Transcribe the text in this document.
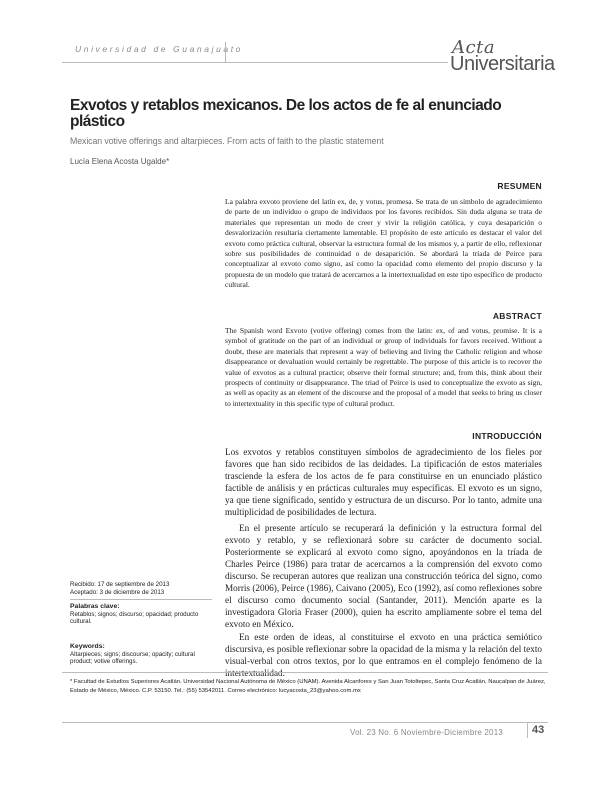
Universidad de Guanajuato	Acta
Universitaria
Exvotos y retablos mexicanos. De los actos de fe al enunciado plástico
Mexican votive offerings and altarpieces. From acts of faith to the plastic statement
Lucía Elena Acosta Ugalde*
RESUMEN
La palabra exvoto proviene del latín ex, de, y votus, promesa. Se trata de un símbolo de agradecimiento de parte de un individuo o grupo de individuos por los favores recibidos. Sin duda alguna se trata de materiales que representan un modo de creer y vivir la religión católica, y cuya desaparición o desvalorización resultaría ciertamente lamentable. El propósito de este artículo es destacar el valor del exvoto como práctica cultural, observar la estructura formal de los mismos y, a partir de ello, reflexionar sobre sus posibilidades de continuidad o de desaparición. Se abordará la tríada de Peirce para conceptualizar al exvoto como signo, así como la opacidad como elemento del propio discurso y la propuesta de un modelo que tratará de acercarnos a la intertextualidad en este tipo específico de producto cultural.
ABSTRACT
The Spanish word Exvoto (votive offering) comes from the latin: ex, of and votus, promise. It is a symbol of gratitude on the part of an individual or group of individuals for favors received. Without a doubt, these are materials that represent a way of believing and living the Catholic religion and whose disappearance or devaluation would certainly be regrettable. The purpose of this article is to recover the value of exvotos as a cultural practice; observe their formal structure; and, from this, think about their prospects of continuity or disappearance. The triad of Peirce is used to conceptualize the exvoto as sign, as well as opacity as an element of the discourse and the proposal of a model that seeks to bring us closer to intertextuality in this specific type of cultural product.
INTRODUCCIÓN

Los exvotos y retablos constituyen símbolos de agradecimiento de los fieles por favores que han sido recibidos de las deidades. La tipificación de estos materiales trasciende la esfera de los actos de fe para constituirse en un enunciado plástico factible de análisis y en prácticas culturales muy específicas. El exvoto es un signo, ya que tiene significado, sentido y estructura de un discurso. Por lo tanto, admite una multiplicidad de posibilidades de lectura.

En el presente artículo se recuperará la definición y la estructura formal del exvoto y retablo, y se reflexionará sobre su carácter de documento social. Posteriormente se explicará al exvoto como signo, apoyándonos en la tríada de Charles Peirce (1986) para tratar de acercarnos a la comprensión del exvoto como discurso. Se recuperan autores que realizan una construcción teórica del signo, como Morris (2006), Peirce (1986), Caivano (2005), Eco (1992), así como reflexiones sobre el discurso como documento social (Santander, 2011). Mención aparte es la investigadora Gloria Fraser (2000), quien ha escrito ampliamente sobre el tema del exvoto en México.

En este orden de ideas, al constituirse el exvoto en una práctica semiótico discursiva, es posible reflexionar sobre la opacidad de la misma y la relación del texto visual-verbal con otros textos, por lo que entramos en el complejo fenómeno de la intertextualidad.

Recibido: 17 de septiembre de 2013
Aceptado: 3 de diciembre de 2013
Palabras clave:
Retablos; signos; discurso; opacidad; producto cultural.
Keywords:
Altarpieces; signs; discourse; opacity; cultural product; votive offerings.
* Facultad de Estudios Superiores Acatlán. Universidad Nacional Autónoma de México (UNAM). Avenida Alcanfores y San Juan Totoltepec, Santa Cruz Acatlán, Naucalpan de Juárez, Estado de México, México. C.P. 53150. Tel.: (55) 53542011. Correo electrónico: lucyacosta_23@yahoo.com.mx
Vol. 23 No. 6 Noviembre-Diciembre 2013	43
